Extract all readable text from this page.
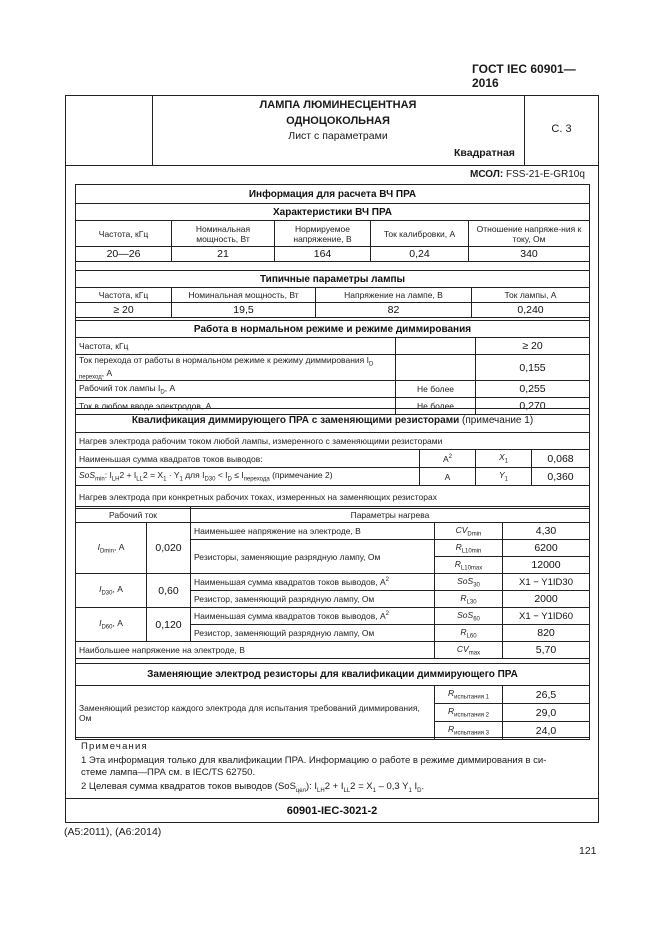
ГОСТ IEC 60901—2016
ЛАМПА ЛЮМИНЕСЦЕНТНАЯ
ОДНОЦОКОЛЬНАЯ
Лист с параметрами
Квадратная
С. 3
МСОЛ: FSS-21-E-GR10q
Информация для расчета ВЧ ПРА				
Характеристики ВЧ ПРА				
Частота, кГц	Номинальная мощность, Вт	Нормируемое напряжение, В	Ток калибровки, А	Отношение напряже-ния к току, Ом
20—26	21	164	0,24	340
Типичные параметры лампы			
Частота, кГц	Номинальная мощность, Вт	Напряжение на лампе, В	Ток лампы, А
≥ 20	19,5	82	0,240
Работа в нормальном режиме и режиме диммирования		
Частота, кГц		≥ 20
Ток перехода от работы в нормальном режиме к режиму диммирования $I_{D переход}$, А		0,155
Рабочий ток лампы $I_D$, А	Не более	0,255
Ток в любом вводе электродов, А	Не более	0,270
Квалификация диммирующего ПРА с заменяющими резисторами (примечание 1)			
Нагрев электрода рабочим током любой лампы, измеренного с заменяющими резисторами			
Наименьшая сумма квадратов токов выводов:	$А^2$	$X_1$	0,068
SoS$_{min}$: $I_{LH}2 + I_{LL}2 = X_1 \cdot Y_1$ для $I_{D30} < I_D \le I_{перехода}$ (примечание 2)	А	$Y_1$	0,360
Нагрев электрода при конкретных рабочих токах, измеренных на заменяющих резисторах			
Рабочий ток		Параметры нагрева		
$I_{Dmin}$, А	0,020	Наименьшее напряжение на электроде, В	$CV_{Dmin}$	4,30
		Резисторы, заменяющие разрядную лампу, Ом	$R_{L10min}$	6200
			$R_{L10max}$	12000
$I_{D30}$, А	0,60	Наименьшая сумма квадратов токов выводов, $А^2$	SoS$_{30}$	X1 − Y1ID30
		Резистор, заменяющий разрядную лампу, Ом	$R_{L30}$	2000
$I_{D60}$, А	0,120	Наименьшая сумма квадратов токов выводов, $А^2$	SoS$_{60}$	X1 − Y1ID60
		Резистор, заменяющий разрядную лампу, Ом	$R_{L60}$	820
Наибольшее напряжение на электроде, В			$CV_{max}$	5,70
Заменяющие электрод резисторы для квалификации диммирующего ПРА		
Заменяющий резистор каждого электрода для испытания требований диммирования, Ом	$R_{испытания 1}$	26,5
	$R_{испытания 2}$	29,0
	$R_{испытания 3}$	24,0
Примечания
1 Эта информация только для квалификации ПРА. Информацию о работе в режиме диммирования в си-
стеме лампа—ПРА см. в IEC/TS 62750.
2 Целевая сумма квадратов токов выводов (SoS$_{цел}$): $I_{LH}2 + I_{LL}2 = X_1 - 0,3$ $Y_1$ $I_D$.
60901-IEC-3021-2
(A5:2011), (A6:2014)
121
